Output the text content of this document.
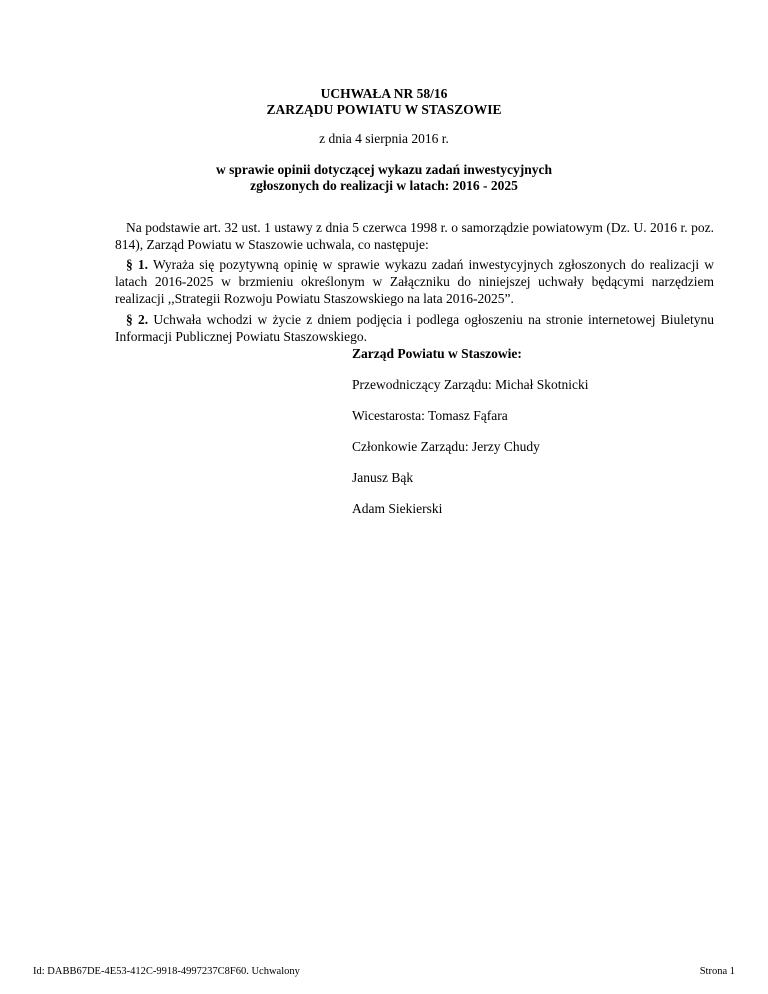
UCHWAŁA NR 58/16
ZARZĄDU POWIATU W STASZOWIE
z dnia 4 sierpnia 2016 r.
w sprawie opinii dotyczącej wykazu zadań inwestycyjnych
zgłoszonych do realizacji w latach: 2016 - 2025

Na podstawie art. 32 ust. 1 ustawy z dnia 5 czerwca 1998 r. o samorządzie powiatowym (Dz. U. 2016 r. poz. 814), Zarząd Powiatu w Staszowie uchwala, co następuje:

§ 1. Wyraża się pozytywną opinię w sprawie wykazu zadań inwestycyjnych zgłoszonych do realizacji w latach 2016-2025 w brzmieniu określonym w Załączniku do niniejszej uchwały będącymi narzędziem realizacji ,,Strategii Rozwoju Powiatu Staszowskiego na lata 2016-2025”.

§ 2. Uchwała wchodzi w życie z dniem podjęcia i podlega ogłoszeniu na stronie internetowej Biuletynu Informacji Publicznej Powiatu Staszowskiego.

Zarząd Powiatu w Staszowie:
Przewodniczący Zarządu: Michał Skotnicki
Wicestarosta: Tomasz Fąfara
Członkowie Zarządu: Jerzy Chudy
Janusz Bąk
Adam Siekierski
Id: DABB67DE-4E53-412C-9918-4997237C8F60. Uchwalony	Strona 1
